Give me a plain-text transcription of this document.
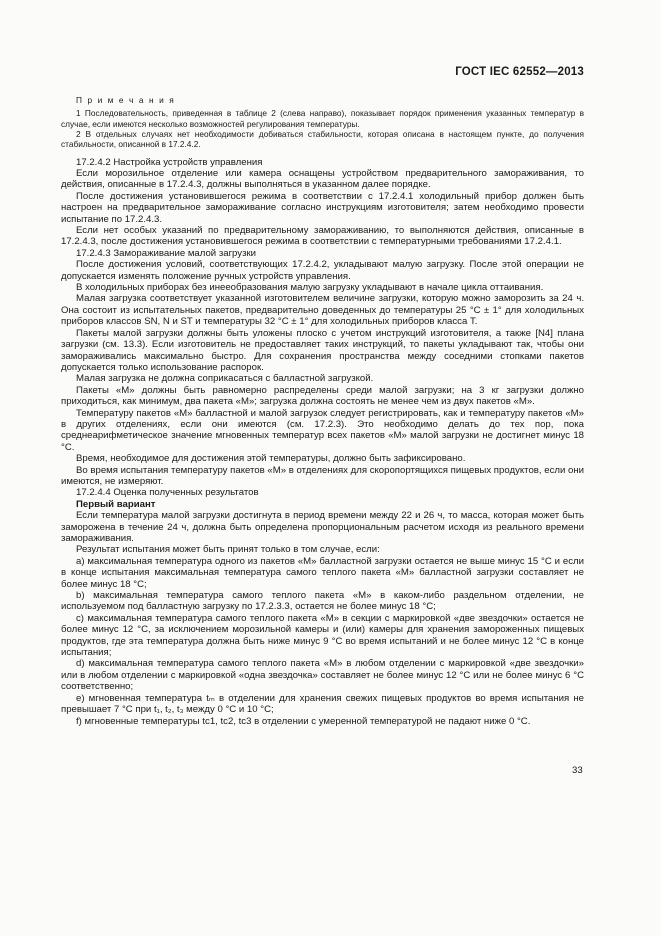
ГОСТ IEC 62552—2013
П р и м е ч а н и я

1 Последовательность, приведенная в таблице 2 (слева направо), показывает порядок применения указанных температур в случае, если имеются несколько возможностей регулирования температуры.

2 В отдельных случаях нет необходимости добиваться стабильности, которая описана в настоящем пункте, до получения стабильности, описанной в 17.2.4.2.

17.2.4.2 Настройка устройств управления

Если морозильное отделение или камера оснащены устройством предварительного замораживания, то действия, описанные в 17.2.4.3, должны выполняться в указанном далее порядке.

После достижения установившегося режима в соответствии с 17.2.4.1 холодильный прибор должен быть настроен на предварительное замораживание согласно инструкциям изготовителя; затем необходимо провести испытание по 17.2.4.3.

Если нет особых указаний по предварительному замораживанию, то выполняются действия, описанные в 17.2.4.3, после достижения установившегося режима в соответствии с температурными требованиями 17.2.4.1.

17.2.4.3 Замораживание малой загрузки

После достижения условий, соответствующих 17.2.4.2, укладывают малую загрузку. После этой операции не допускается изменять положение ручных устройств управления.

В холодильных приборах без инееобразования малую загрузку укладывают в начале цикла оттаивания.

Малая загрузка соответствует указанной изготовителем величине загрузки, которую можно заморозить за 24 ч. Она состоит из испытательных пакетов, предварительно доведенных до температуры 25 °С ± 1° для холодильных приборов классов SN, N и ST и температуры 32 °С ± 1° для холодильных приборов класса Т.

Пакеты малой загрузки должны быть уложены плоско с учетом инструкций изготовителя, а также [N4] плана загрузки (см. 13.3). Если изготовитель не предоставляет таких инструкций, то пакеты укладывают так, чтобы они замораживались максимально быстро. Для сохранения пространства между соседними стопками пакетов допускается только использование распорок.

Малая загрузка не должна соприкасаться с балластной загрузкой.

Пакеты «М» должны быть равномерно распределены среди малой загрузки; на 3 кг загрузки должно приходиться, как минимум, два пакета «М»; загрузка должна состоять не менее чем из двух пакетов «М».

Температуру пакетов «М» балластной и малой загрузок следует регистрировать, как и температуру пакетов «М» в других отделениях, если они имеются (см. 17.2.3). Это необходимо делать до тех пор, пока среднеарифметическое значение мгновенных температур всех пакетов «М» малой загрузки не достигнет минус 18 °С.

Время, необходимое для достижения этой температуры, должно быть зафиксировано.

Во время испытания температуру пакетов «М» в отделениях для скоропортящихся пищевых продуктов, если они имеются, не измеряют.

17.2.4.4 Оценка полученных результатов

Первый вариант

Если температура малой загрузки достигнута в период времени между 22 и 26 ч, то масса, которая может быть заморожена в течение 24 ч, должна быть определена пропорциональным расчетом исходя из реального времени замораживания.

Результат испытания может быть принят только в том случае, если:

а) максимальная температура одного из пакетов «М» балластной загрузки остается не выше минус 15 °С и если в конце испытания максимальная температура самого теплого пакета «М» балластной загрузки составляет не более минус 18 °С;

b) максимальная температура самого теплого пакета «М» в каком-либо раздельном отделении, не используемом под балластную загрузку по 17.2.3.3, остается не более минус 18 °С;

с) максимальная температура самого теплого пакета «М» в секции с маркировкой «две звездочки» остается не более минус 12 °С, за исключением морозильной камеры и (или) камеры для хранения замороженных пищевых продуктов, где эта температура должна быть ниже минус 9 °С во время испытаний и не более минус 12 °С в конце испытания;

d) максимальная температура самого теплого пакета «М» в любом отделении с маркировкой «две звездочки» или в любом отделении с маркировкой «одна звездочка» составляет не более минус 12 °С или не более минус 6 °С соответственно;

е) мгновенная температура tₘ в отделении для хранения свежих пищевых продуктов во время испытания не превышает 7 °С при t₁, t₂, t₃ между 0 °С и 10 °С;

f) мгновенные температуры tc1, tc2, tc3 в отделении с умеренной температурой не падают ниже 0 °С.

33
